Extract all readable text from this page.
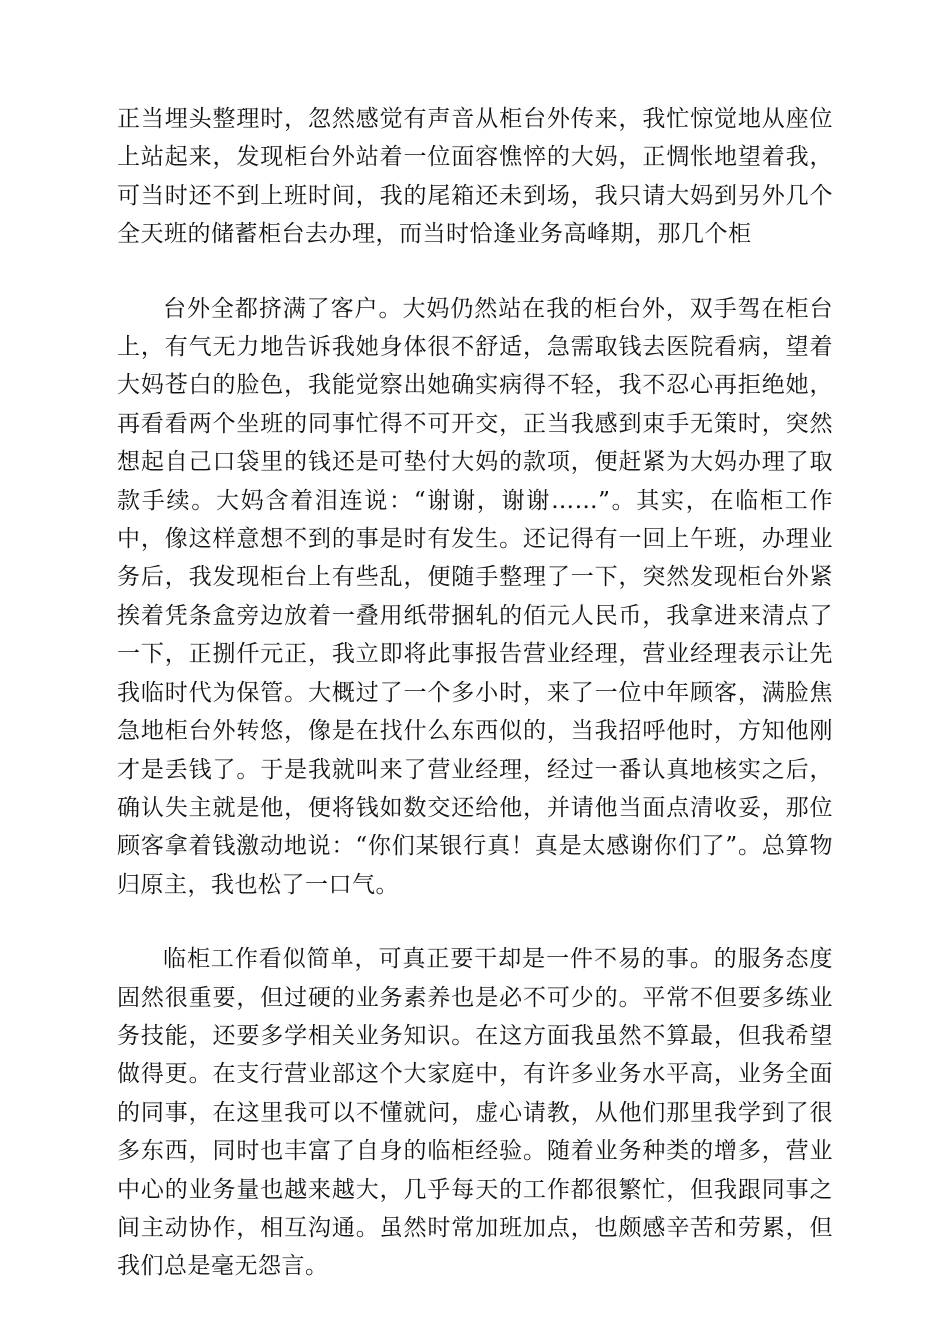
正当埋头整理时，忽然感觉有声音从柜台外传来，我忙惊觉地从座位上站起来，发现柜台外站着一位面容憔悴的大妈，正惆怅地望着我，可当时还不到上班时间，我的尾箱还未到场，我只请大妈到另外几个全天班的储蓄柜台去办理，而当时恰逢业务高峰期，那几个柜

台外全都挤满了客户。大妈仍然站在我的柜台外，双手驾在柜台上，有气无力地告诉我她身体很不舒适，急需取钱去医院看病，望着大妈苍白的脸色，我能觉察出她确实病得不轻，我不忍心再拒绝她，再看看两个坐班的同事忙得不可开交，正当我感到束手无策时，突然想起自己口袋里的钱还是可垫付大妈的款项，便赶紧为大妈办理了取款手续。大妈含着泪连说：“谢谢，谢谢……”。其实，在临柜工作中，像这样意想不到的事是时有发生。还记得有一回上午班，办理业务后，我发现柜台上有些乱，便随手整理了一下，突然发现柜台外紧挨着凭条盒旁边放着一叠用纸带捆轧的佰元人民币，我拿进来清点了一下，正捌仟元正，我立即将此事报告营业经理，营业经理表示让先我临时代为保管。大概过了一个多小时，来了一位中年顾客，满脸焦急地柜台外转悠，像是在找什么东西似的，当我招呼他时，方知他刚才是丢钱了。于是我就叫来了营业经理，经过一番认真地核实之后，确认失主就是他，便将钱如数交还给他，并请他当面点清收妥，那位顾客拿着钱激动地说：“你们某银行真！真是太感谢你们了”。总算物归原主，我也松了一口气。

临柜工作看似简单，可真正要干却是一件不易的事。的服务态度固然很重要，但过硬的业务素养也是必不可少的。平常不但要多练业务技能，还要多学相关业务知识。在这方面我虽然不算最，但我希望做得更。在支行营业部这个大家庭中，有许多业务水平高，业务全面的同事，在这里我可以不懂就问，虚心请教，从他们那里我学到了很多东西，同时也丰富了自身的临柜经验。随着业务种类的增多，营业中心的业务量也越来越大，几乎每天的工作都很繁忙，但我跟同事之间主动协作，相互沟通。虽然时常加班加点，也颇感辛苦和劳累，但我们总是毫无怨言。
